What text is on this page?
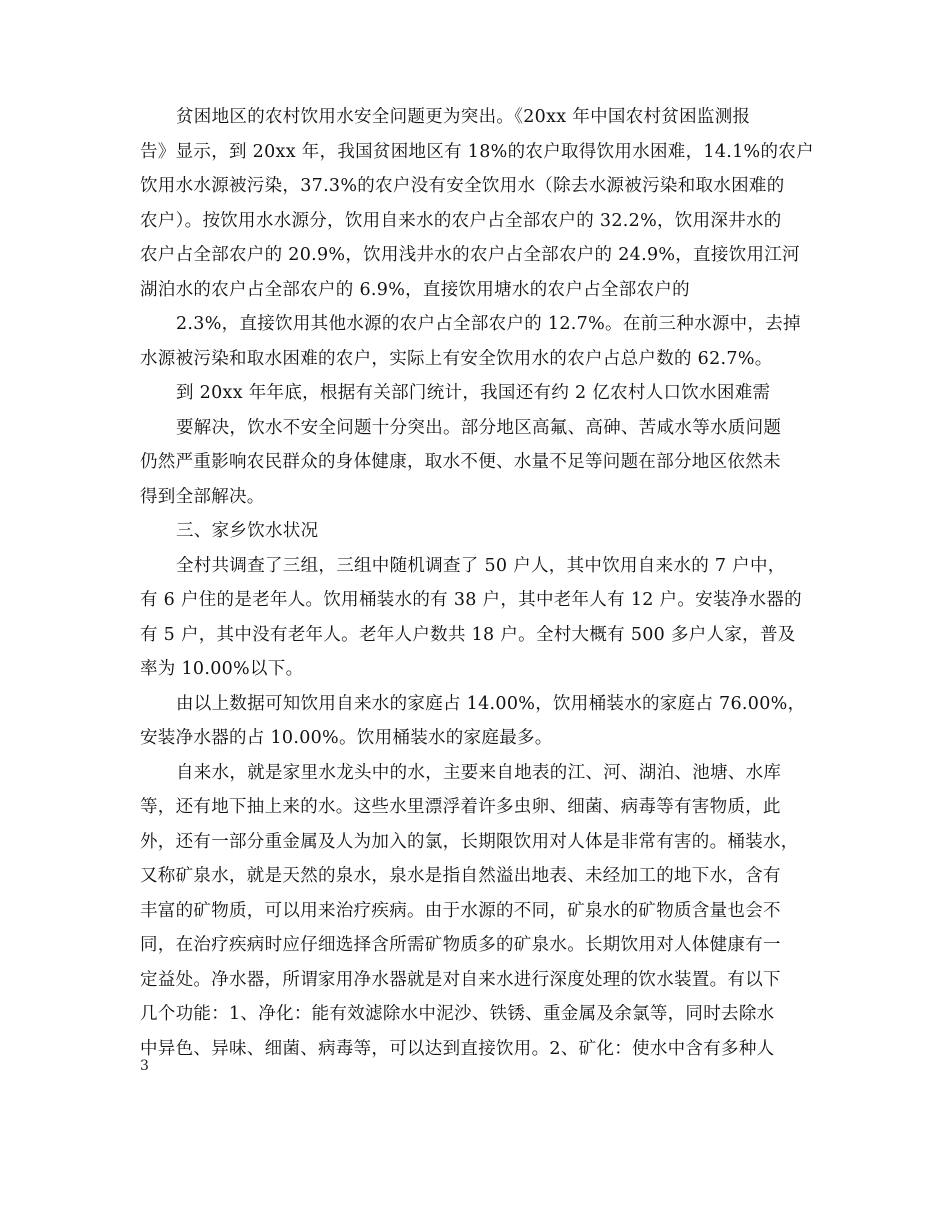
贫困地区的农村饮用水安全问题更为突出。《20xx 年中国农村贫困监测报
告》显示，到 20xx 年，我国贫困地区有 18%的农户取得饮用水困难，14.1%的农户
饮用水水源被污染，37.3%的农户没有安全饮用水（除去水源被污染和取水困难的
农户）。按饮用水水源分，饮用自来水的农户占全部农户的 32.2%，饮用深井水的
农户占全部农户的 20.9%，饮用浅井水的农户占全部农户的 24.9%，直接饮用江河
湖泊水的农户占全部农户的 6.9%，直接饮用塘水的农户占全部农户的
2.3%，直接饮用其他水源的农户占全部农户的 12.7%。在前三种水源中，去掉
水源被污染和取水困难的农户，实际上有安全饮用水的农户占总户数的 62.7%。
到 20xx 年年底，根据有关部门统计，我国还有约 2 亿农村人口饮水困难需
要解决，饮水不安全问题十分突出。部分地区高氟、高砷、苦咸水等水质问题
仍然严重影响农民群众的身体健康，取水不便、水量不足等问题在部分地区依然未
得到全部解决。
三、家乡饮水状况
全村共调查了三组，三组中随机调查了 50 户人，其中饮用自来水的 7 户中，
有 6 户住的是老年人。饮用桶装水的有 38 户，其中老年人有 12 户。安装净水器的
有 5 户，其中没有老年人。老年人户数共 18 户。全村大概有 500 多户人家，普及
率为 10.00%以下。
由以上数据可知饮用自来水的家庭占 14.00%，饮用桶装水的家庭占 76.00%，
安装净水器的占 10.00%。饮用桶装水的家庭最多。
自来水，就是家里水龙头中的水，主要来自地表的江、河、湖泊、池塘、水库
等，还有地下抽上来的水。这些水里漂浮着许多虫卵、细菌、病毒等有害物质，此
外，还有一部分重金属及人为加入的氯，长期限饮用对人体是非常有害的。桶装水，
又称矿泉水，就是天然的泉水，泉水是指自然溢出地表、未经加工的地下水，含有
丰富的矿物质，可以用来治疗疾病。由于水源的不同，矿泉水的矿物质含量也会不
同，在治疗疾病时应仔细选择含所需矿物质多的矿泉水。长期饮用对人体健康有一
定益处。净水器，所谓家用净水器就是对自来水进行深度处理的饮水装置。有以下
几个功能：1、净化：能有效滤除水中泥沙、铁锈、重金属及余氯等，同时去除水
中异色、异味、细菌、病毒等，可以达到直接饮用。2、矿化：使水中含有多种人
3
